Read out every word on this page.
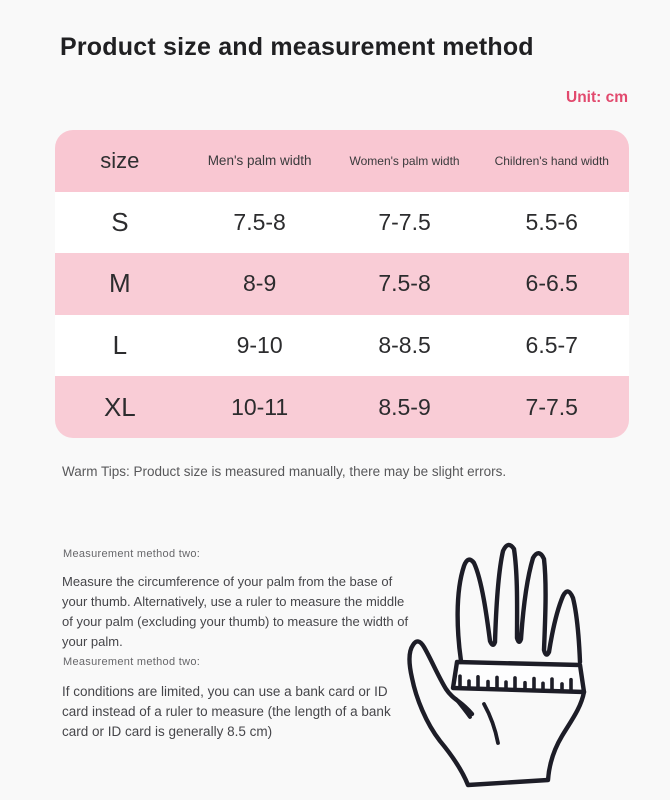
Product size and measurement method
Unit: cm
size	Men's palm width	Women's palm width	Children's hand width
S	7.5-8	7-7.5	5.5-6
M	8-9	7.5-8	6-6.5
L	9-10	8-8.5	6.5-7
XL	10-11	8.5-9	7-7.5

Warm Tips: Product size is measured manually, there may be slight errors.

Measurement method two:

Measure the circumference of your palm from the base of your thumb. Alternatively, use a ruler to measure the middle of your palm (excluding your thumb) to measure the width of your palm.

Measurement method two:

If conditions are limited, you can use a bank card or ID card instead of a ruler to measure (the length of a bank card or ID card is generally 8.5 cm)
